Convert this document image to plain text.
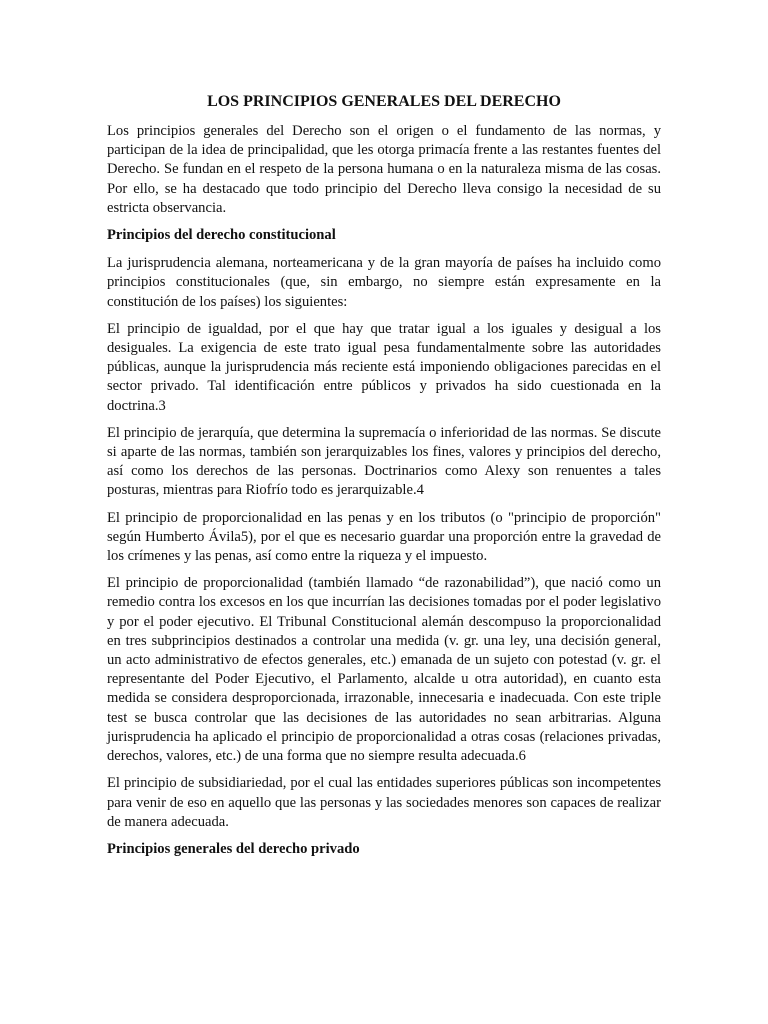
LOS PRINCIPIOS GENERALES DEL DERECHO

Los principios generales del Derecho son el origen o el fundamento de las normas, y participan de la idea de principalidad, que les otorga primacía frente a las restantes fuentes del Derecho. Se fundan en el respeto de la persona humana o en la naturaleza misma de las cosas. Por ello, se ha destacado que todo principio del Derecho lleva consigo la necesidad de su estricta observancia.

Principios del derecho constitucional

La jurisprudencia alemana, norteamericana y de la gran mayoría de países ha incluido como principios constitucionales (que, sin embargo, no siempre están expresamente en la constitución de los países) los siguientes:

El principio de igualdad, por el que hay que tratar igual a los iguales y desigual a los desiguales. La exigencia de este trato igual pesa fundamentalmente sobre las autoridades públicas, aunque la jurisprudencia más reciente está imponiendo obligaciones parecidas en el sector privado. Tal identificación entre públicos y privados ha sido cuestionada en la doctrina.3

El principio de jerarquía, que determina la supremacía o inferioridad de las normas. Se discute si aparte de las normas, también son jerarquizables los fines, valores y principios del derecho, así como los derechos de las personas. Doctrinarios como Alexy son renuentes a tales posturas, mientras para Riofrío todo es jerarquizable.4

El principio de proporcionalidad en las penas y en los tributos (o "principio de proporción" según Humberto Ávila5), por el que es necesario guardar una proporción entre la gravedad de los crímenes y las penas, así como entre la riqueza y el impuesto.

El principio de proporcionalidad (también llamado “de razonabilidad”), que nació como un remedio contra los excesos en los que incurrían las decisiones tomadas por el poder legislativo y por el poder ejecutivo. El Tribunal Constitucional alemán descompuso la proporcionalidad en tres subprincipios destinados a controlar una medida (v. gr. una ley, una decisión general, un acto administrativo de efectos generales, etc.) emanada de un sujeto con potestad (v. gr. el representante del Poder Ejecutivo, el Parlamento, alcalde u otra autoridad), en cuanto esta medida se considera desproporcionada, irrazonable, innecesaria e inadecuada. Con este triple test se busca controlar que las decisiones de las autoridades no sean arbitrarias. Alguna jurisprudencia ha aplicado el principio de proporcionalidad a otras cosas (relaciones privadas, derechos, valores, etc.) de una forma que no siempre resulta adecuada.6

El principio de subsidiariedad, por el cual las entidades superiores públicas son incompetentes para venir de eso en aquello que las personas y las sociedades menores son capaces de realizar de manera adecuada.

Principios generales del derecho privado
